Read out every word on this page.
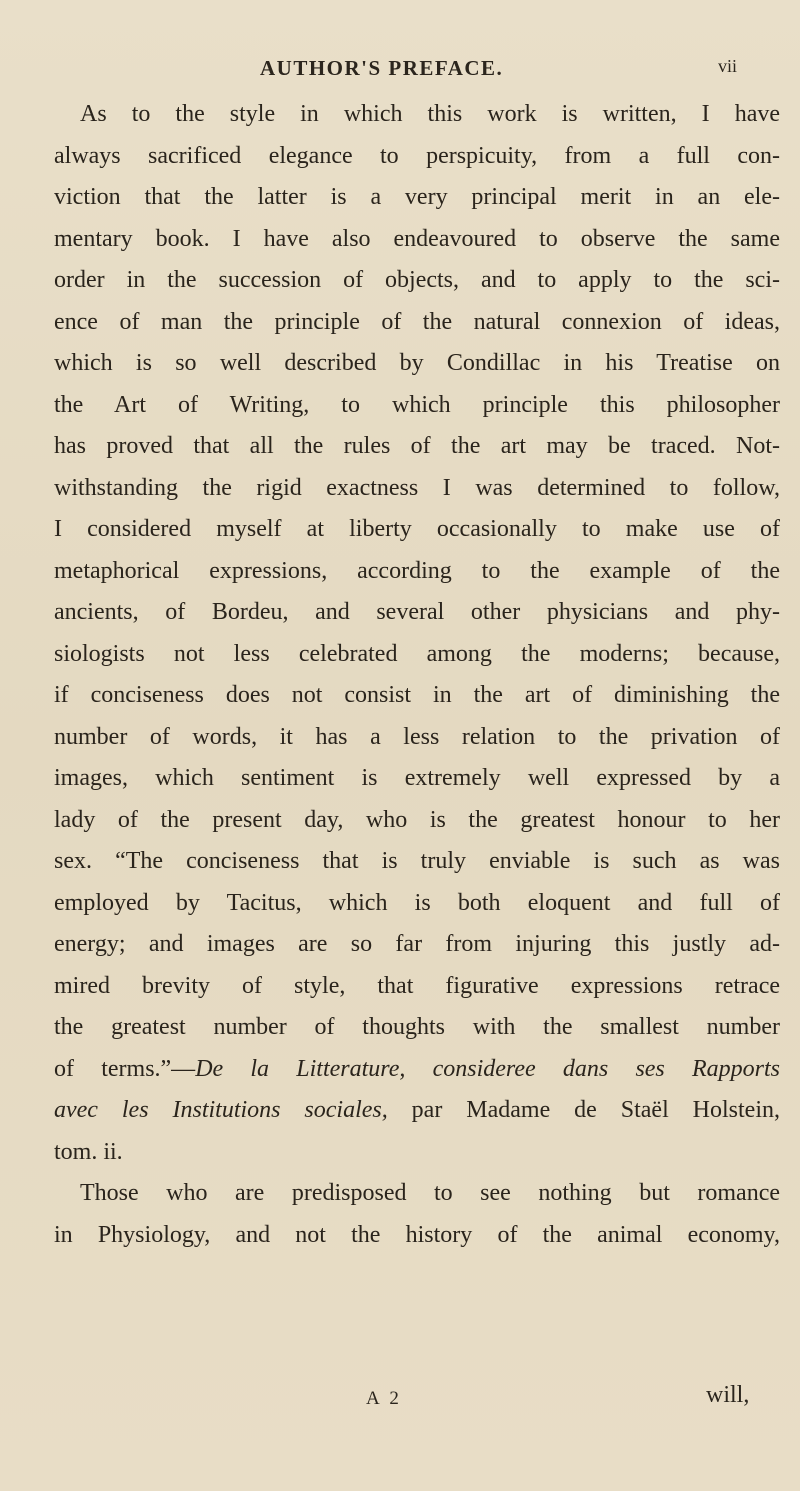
AUTHOR'S PREFACE.	vii
As to the style in which this work is written, I have
always sacrificed elegance to perspicuity, from a full con-
viction that the latter is a very principal merit in an ele-
mentary book. I have also endeavoured to observe the same
order in the succession of objects, and to apply to the sci-
ence of man the principle of the natural connexion of ideas,
which is so well described by Condillac in his Treatise on
the Art of Writing, to which principle this philosopher
has proved that all the rules of the art may be traced. Not-
withstanding the rigid exactness I was determined to follow,
I considered myself at liberty occasionally to make use of
metaphorical expressions, according to the example of the
ancients, of Bordeu, and several other physicians and phy-
siologists not less celebrated among the moderns; because,
if conciseness does not consist in the art of diminishing the
number of words, it has a less relation to the privation of
images, which sentiment is extremely well expressed by a
lady of the present day, who is the greatest honour to her
sex. “The conciseness that is truly enviable is such as was
employed by Tacitus, which is both eloquent and full of
energy; and images are so far from injuring this justly ad-
mired brevity of style, that figurative expressions retrace
the greatest number of thoughts with the smallest number
of terms.”—De la Litterature, consideree dans ses Rapports
avec les Institutions sociales, par Madame de Staël Holstein,
tom. ii.
Those who are predisposed to see nothing but romance
in Physiology, and not the history of the animal economy,
A 2	will,
